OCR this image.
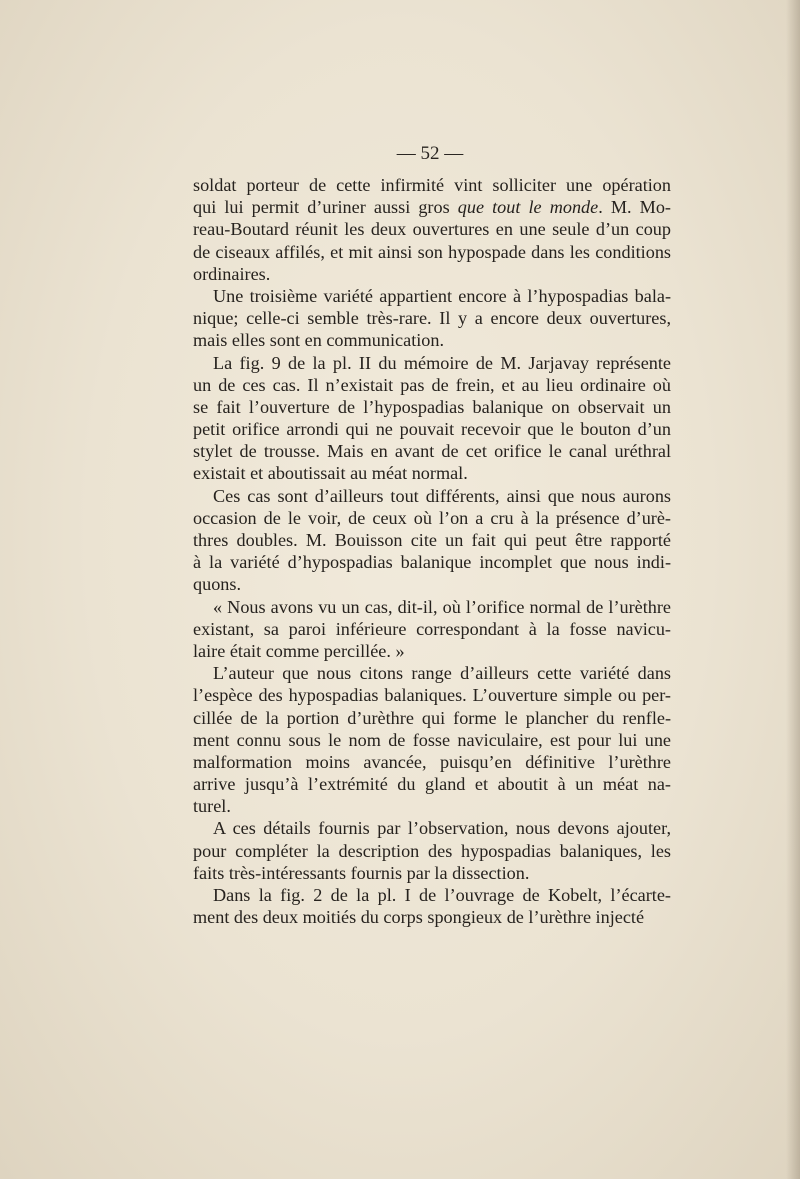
— 52 —
soldat porteur de cette infirmité vint solliciter une opération
qui lui permit d’uriner aussi gros que tout le monde. M. Mo-
reau-Boutard réunit les deux ouvertures en une seule d’un coup
de ciseaux affilés, et mit ainsi son hypospade dans les conditions
ordinaires.
Une troisième variété appartient encore à l’hypospadias bala-
nique; celle-ci semble très-rare. Il y a encore deux ouvertures,
mais elles sont en communication.
La fig. 9 de la pl. II du mémoire de M. Jarjavay représente
un de ces cas. Il n’existait pas de frein, et au lieu ordinaire où
se fait l’ouverture de l’hypospadias balanique on observait un
petit orifice arrondi qui ne pouvait recevoir que le bouton d’un
stylet de trousse. Mais en avant de cet orifice le canal uréthral
existait et aboutissait au méat normal.
Ces cas sont d’ailleurs tout différents, ainsi que nous aurons
occasion de le voir, de ceux où l’on a cru à la présence d’urè-
thres doubles. M. Bouisson cite un fait qui peut être rapporté
à la variété d’hypospadias balanique incomplet que nous indi-
quons.
« Nous avons vu un cas, dit-il, où l’orifice normal de l’urèthre
existant, sa paroi inférieure correspondant à la fosse navicu-
laire était comme percillée. »
L’auteur que nous citons range d’ailleurs cette variété dans
l’espèce des hypospadias balaniques. L’ouverture simple ou per-
cillée de la portion d’urèthre qui forme le plancher du renfle-
ment connu sous le nom de fosse naviculaire, est pour lui une
malformation moins avancée, puisqu’en définitive l’urèthre
arrive jusqu’à l’extrémité du gland et aboutit à un méat na-
turel.
A ces détails fournis par l’observation, nous devons ajouter,
pour compléter la description des hypospadias balaniques, les
faits très-intéressants fournis par la dissection.
Dans la fig. 2 de la pl. I de l’ouvrage de Kobelt, l’écarte-
ment des deux moitiés du corps spongieux de l’urèthre injecté
